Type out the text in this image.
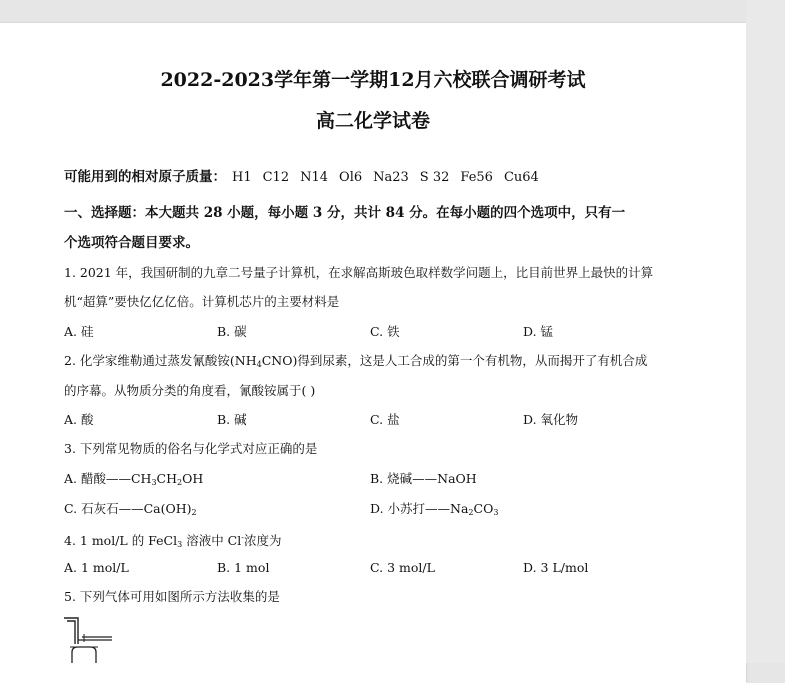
2022-2023学年第一学期12月六校联合调研考试
高二化学试卷
可能用到的相对原子质量： H1 C12 N14 Ol6 Na23 S 32 Fe56 Cu64
一、选择题：本大题共 28 小题，每小题 3 分，共计 84 分。在每小题的四个选项中，只有一
个选项符合题目要求。
1. 2021 年，我国研制的九章二号量子计算机，在求解高斯玻色取样数学问题上，比目前世界上最快的计算
机“超算”要快亿亿亿倍。计算机芯片的主要材料是
A. 硅	B. 碳	C. 铁	D. 锰
2. 化学家维勒通过蒸发氰酸铵$(NH_4CNO)$得到尿素，这是人工合成的第一个有机物，从而揭开了有机合成
的序幕。从物质分类的角度看，氰酸铵属于( )
A. 酸	B. 碱	C. 盐	D. 氧化物
3. 下列常见物质的俗名与化学式对应正确的是
A. 醋酸$——CH_3CH_2OH$	B. 烧碱——NaOH
C. 石灰石$——Ca(OH)_2$	D. 小苏打$——Na_2CO_3$
4. 1 mol/L 的 FeCl$_3$ 溶液中 Cl-浓度为
A. 1 mol/L	B. 1 mol	C. 3 mol/L	D. 3 L/mol
5. 下列气体可用如图所示方法收集的是
